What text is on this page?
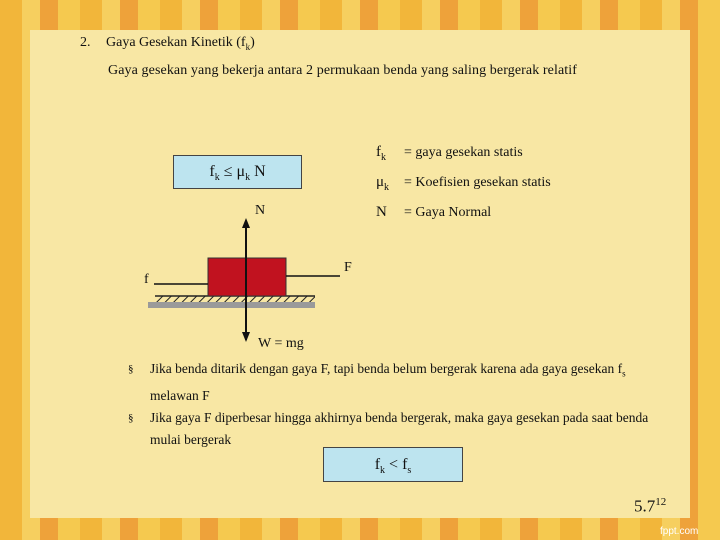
2. Gaya Gesekan Kinetik $(f_k)$
Gaya gesekan yang bekerja antara 2 permukaan benda yang saling bergerak relatif
$f_k \le \mu_k$ N
$f_k$ = gaya gesekan statis
$\mu_k$ = Koefisien gesekan statis
N = Gaya Normal
N
f
F
W = mg
§ Jika benda ditarik dengan gaya F, tapi benda belum bergerak karena ada gaya gesekan $f_s$ melawan F
§ Jika gaya F diperbesar hingga akhirnya benda bergerak, maka gaya gesekan pada saat benda mulai bergerak
$f_k < f_s$
$5.7^{12}$
fppt.com
